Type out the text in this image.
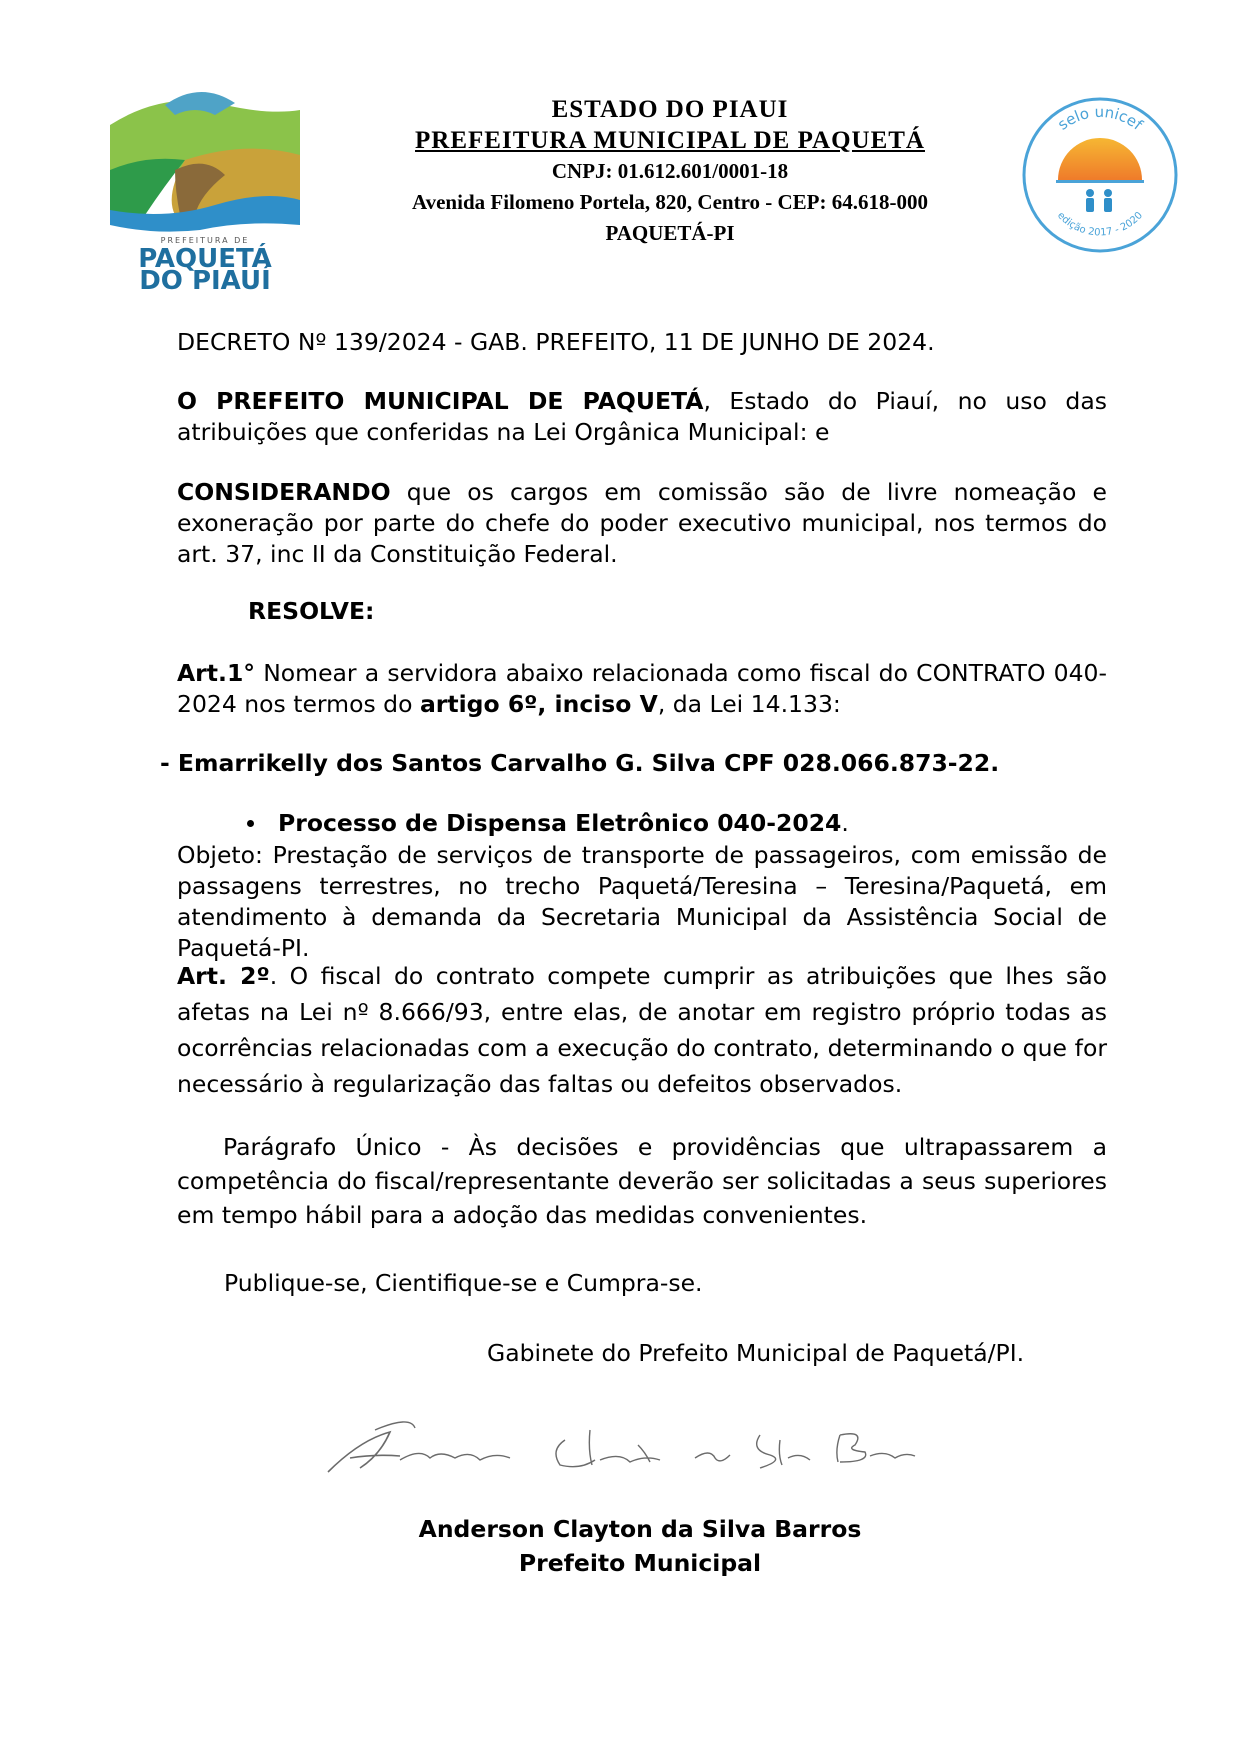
PREFEITURA DE
PAQUETÁ
DO PIAUÍ
selo unicef
edição 2017 - 2020
ESTADO DO PIAUI
PREFEITURA MUNICIPAL DE PAQUETÁ
CNPJ: 01.612.601/0001-18
Avenida Filomeno Portela, 820, Centro - CEP: 64.618-000
PAQUETÁ-PI
DECRETO Nº 139/2024 - GAB. PREFEITO, 11 DE JUNHO DE 2024.
O PREFEITO MUNICIPAL DE PAQUETÁ, Estado do Piauí, no uso das atribuições que conferidas na Lei Orgânica Municipal: e
CONSIDERANDO que os cargos em comissão são de livre nomeação e exoneração por parte do chefe do poder executivo municipal, nos termos do art. 37, inc II da Constituição Federal.
RESOLVE:
Art.1° Nomear a servidora abaixo relacionada como fiscal do CONTRATO 040-2024 nos termos do artigo 6º, inciso V, da Lei 14.133:
- Emarrikelly dos Santos Carvalho G. Silva CPF 028.066.873-22.
Processo de Dispensa Eletrônico 040-2024.
Objeto: Prestação de serviços de transporte de passageiros, com emissão de passagens terrestres, no trecho Paquetá/Teresina – Teresina/Paquetá, em atendimento à demanda da Secretaria Municipal da Assistência Social de Paquetá-PI.
Art. 2º. O fiscal do contrato compete cumprir as atribuições que lhes são afetas na Lei nº 8.666/93, entre elas, de anotar em registro próprio todas as ocorrências relacionadas com a execução do contrato, determinando o que for necessário à regularização das faltas ou defeitos observados.
Parágrafo Único - Às decisões e providências que ultrapassarem a competência do fiscal/representante deverão ser solicitadas a seus superiores em tempo hábil para a adoção das medidas convenientes.
Publique-se, Cientifique-se e Cumpra-se.
Gabinete do Prefeito Municipal de Paquetá/PI.
Anderson Clayton da Silva Barros
Prefeito Municipal
